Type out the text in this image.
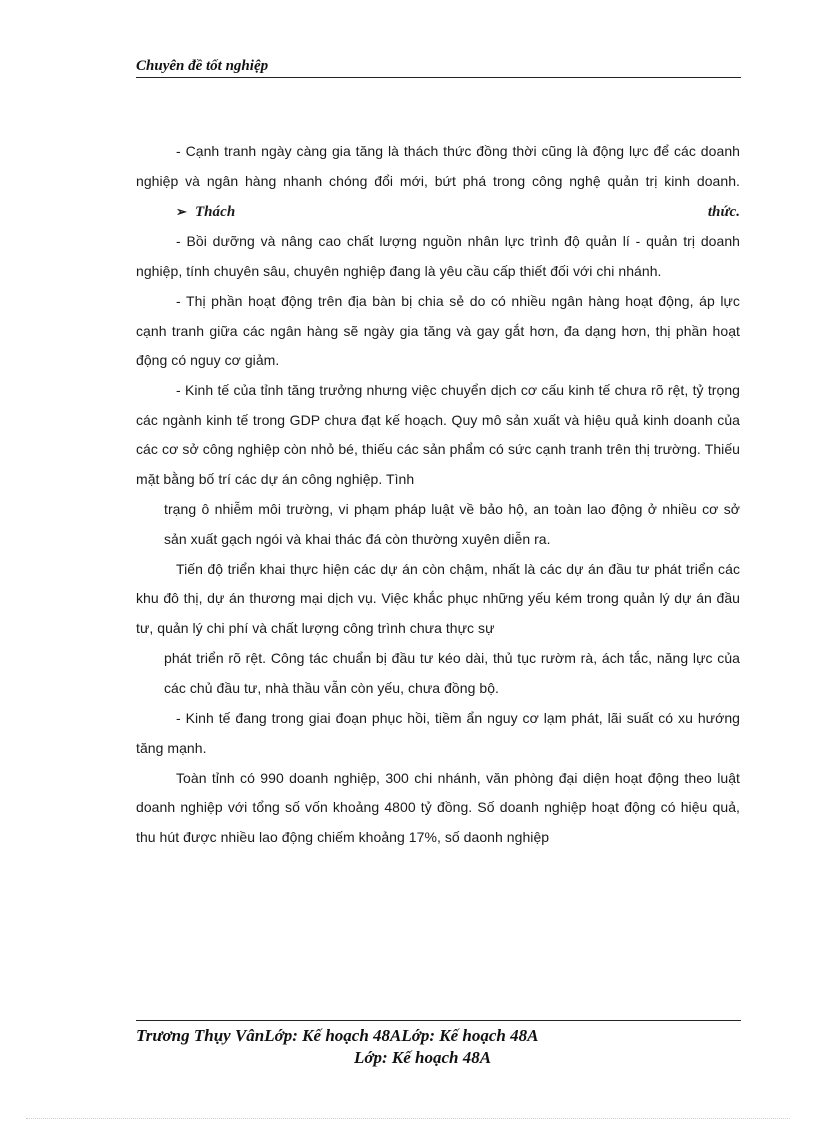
Chuyên đề tốt nghiệp

- Cạnh tranh ngày càng gia tăng là thách thức đồng thời cũng là động lực để các doanh nghiệp và ngân hàng nhanh chóng đổi mới, bứt phá trong công nghệ quản trị kinh doanh.

➢ Thách thức.

- Bồi dưỡng và nâng cao chất lượng nguồn nhân lực trình độ quản lí - quản trị doanh nghiệp, tính chuyên sâu, chuyên nghiệp đang là yêu cầu cấp thiết đối với chi nhánh.

- Thị phần hoạt động trên địa bàn bị chia sẻ do có nhiều ngân hàng hoạt động, áp lực cạnh tranh giữa các ngân hàng sẽ ngày gia tăng và gay gắt hơn, đa dạng hơn, thị phần hoạt động có nguy cơ giảm.

- Kinh tế của tỉnh tăng trưởng nhưng việc chuyển dịch cơ cấu kinh tế chưa rõ rệt, tỷ trọng các ngành kinh tế trong GDP chưa đạt kế hoạch. Quy mô sản xuất và hiệu quả kinh doanh của các cơ sở công nghiệp còn nhỏ bé, thiếu các sản phẩm có sức cạnh tranh trên thị trường. Thiếu mặt bằng bố trí các dự án công nghiệp. Tình

trạng ô nhiễm môi trường, vi phạm pháp luật về bảo hộ, an toàn lao động ở nhiều cơ sở sản xuất gạch ngói và khai thác đá còn thường xuyên diễn ra.

Tiến độ triển khai thực hiện các dự án còn chậm, nhất là các dự án đầu tư phát triển các khu đô thị, dự án thương mại dịch vụ. Việc khắc phục những yếu kém trong quản lý dự án đầu tư, quản lý chi phí và chất lượng công trình chưa thực sự

phát triển rõ rệt. Công tác chuẩn bị đầu tư kéo dài, thủ tục rườm rà, ách tắc, năng lực của các chủ đầu tư, nhà thầu vẫn còn yếu, chưa đồng bộ.

- Kinh tế đang trong giai đoạn phục hồi, tiềm ẩn nguy cơ lạm phát, lãi suất có xu hướng tăng mạnh.

Toàn tỉnh có 990 doanh nghiệp, 300 chi nhánh, văn phòng đại diện hoạt động theo luật doanh nghiệp với tổng số vốn khoảng 4800 tỷ đồng. Số doanh nghiệp hoạt động có hiệu quả, thu hút được nhiều lao động chiếm khoảng 17%, số daonh nghiệp

Trương Thụy VânLớp: Kế hoạch 48ALớp: Kế hoạch 48A
Lớp: Kế hoạch 48A
